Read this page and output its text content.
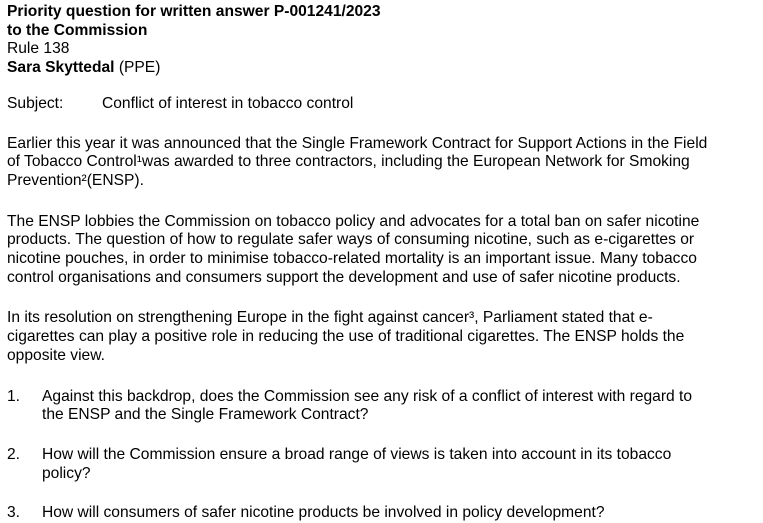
Priority question for written answer P-001241/2023
to the Commission
Rule 138
Sara Skyttedal (PPE)
Subject:	Conflict of interest in tobacco control
Earlier this year it was announced that the Single Framework Contract for Support Actions in the Field
of Tobacco Control¹was awarded to three contractors, including the European Network for Smoking
Prevention²(ENSP).
The ENSP lobbies the Commission on tobacco policy and advocates for a total ban on safer nicotine
products. The question of how to regulate safer ways of consuming nicotine, such as e-cigarettes or
nicotine pouches, in order to minimise tobacco-related mortality is an important issue. Many tobacco
control organisations and consumers support the development and use of safer nicotine products.
In its resolution on strengthening Europe in the fight against cancer³, Parliament stated that e-
cigarettes can play a positive role in reducing the use of traditional cigarettes. The ENSP holds the
opposite view.
1.	Against this backdrop, does the Commission see any risk of a conflict of interest with regard to
the ENSP and the Single Framework Contract?
2.	How will the Commission ensure a broad range of views is taken into account in its tobacco
policy?
3.	How will consumers of safer nicotine products be involved in policy development?
